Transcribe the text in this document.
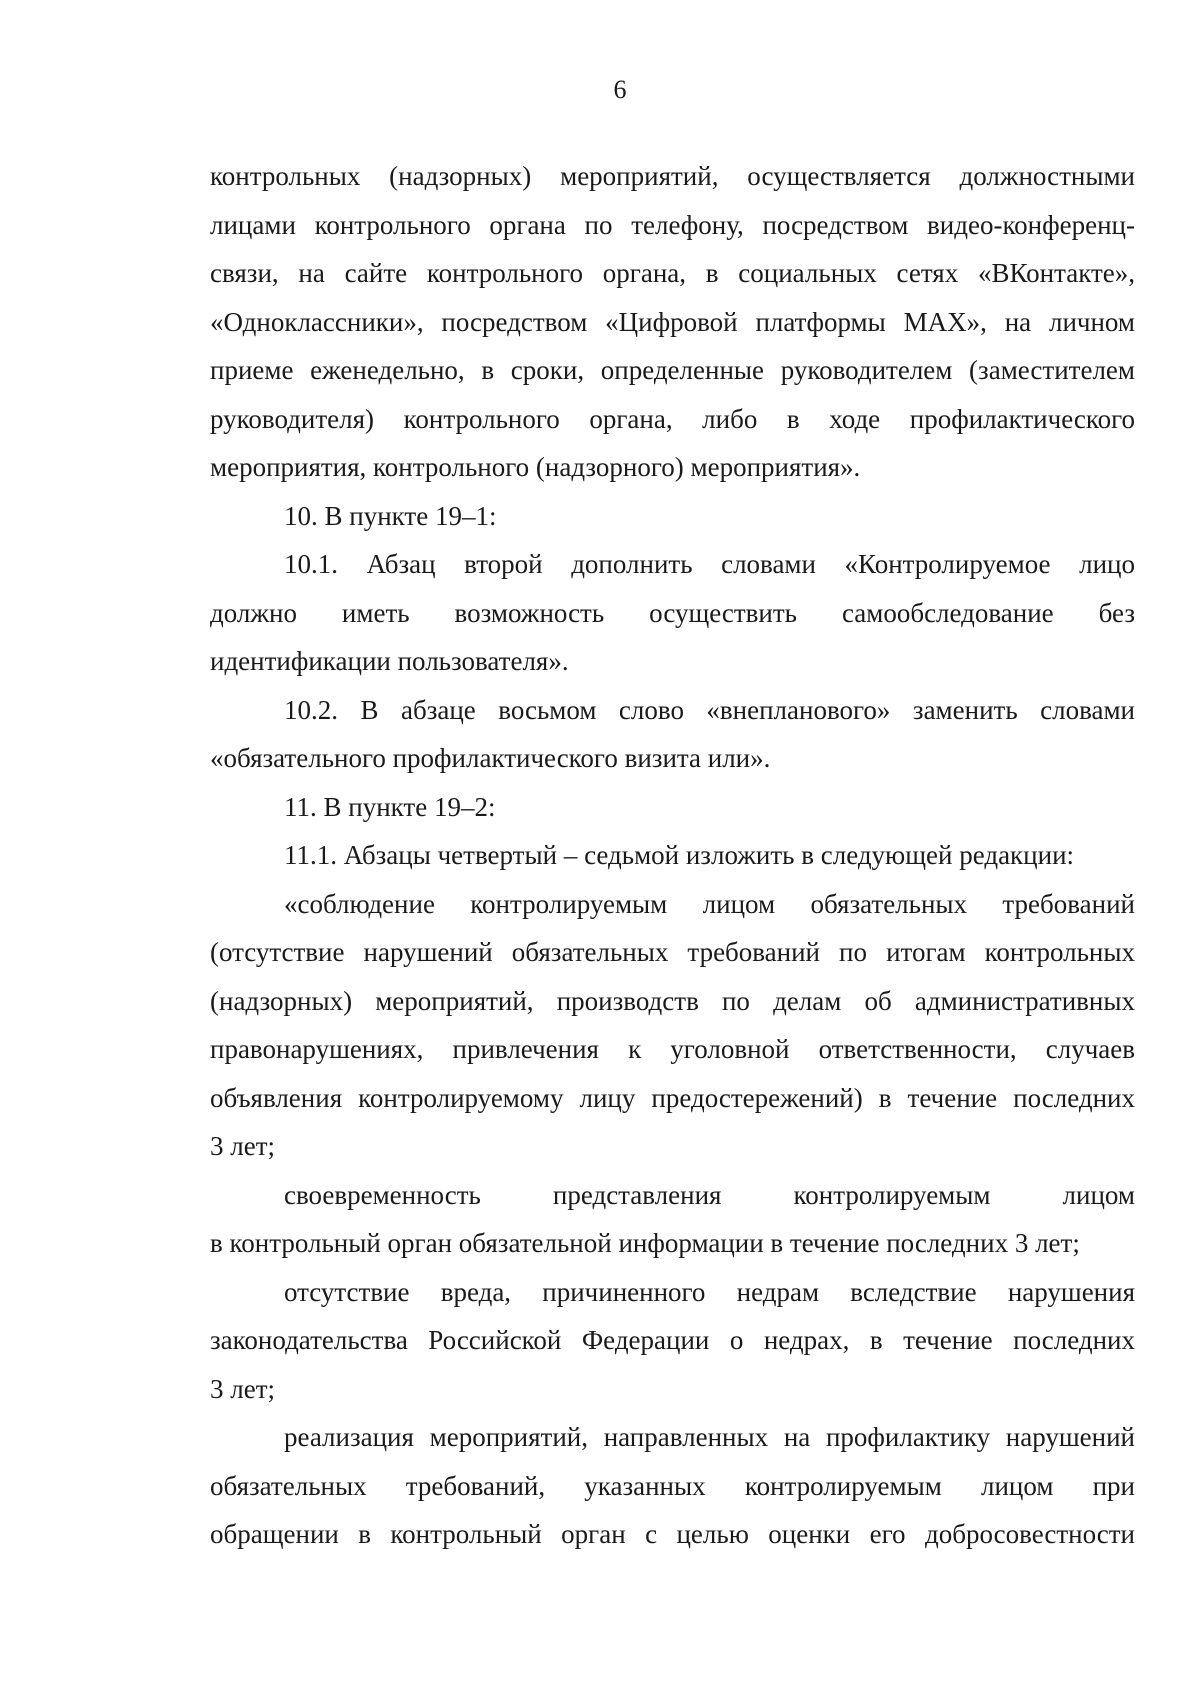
6

контрольных (надзорных) мероприятий, осуществляется должностными
лицами контрольного органа по телефону, посредством видео-конференц-
связи, на сайте контрольного органа, в социальных сетях «ВКонтакте»,
«Одноклассники», посредством «Цифровой платформы MAX», на личном
приеме еженедельно, в сроки, определенные руководителем (заместителем
руководителя) контрольного органа, либо в ходе профилактического
мероприятия, контрольного (надзорного) мероприятия».

10. В пункте 19–1:

10.1. Абзац второй дополнить словами «Контролируемое лицо
должно иметь возможность осуществить самообследование без
идентификации пользователя».

10.2. В абзаце восьмом слово «внепланового» заменить словами
«обязательного профилактического визита или».

11. В пункте 19–2:

11.1. Абзацы четвертый – седьмой изложить в следующей редакции:

«соблюдение контролируемым лицом обязательных требований
(отсутствие нарушений обязательных требований по итогам контрольных
(надзорных) мероприятий, производств по делам об административных
правонарушениях, привлечения к уголовной ответственности, случаев
объявления контролируемому лицу предостережений) в течение последних
3 лет;

своевременность представления контролируемым лицом
в контрольный орган обязательной информации в течение последних 3 лет;

отсутствие вреда, причиненного недрам вследствие нарушения
законодательства Российской Федерации о недрах, в течение последних
3 лет;

реализация мероприятий, направленных на профилактику нарушений
обязательных требований, указанных контролируемым лицом при
обращении в контрольный орган с целью оценки его добросовестности
